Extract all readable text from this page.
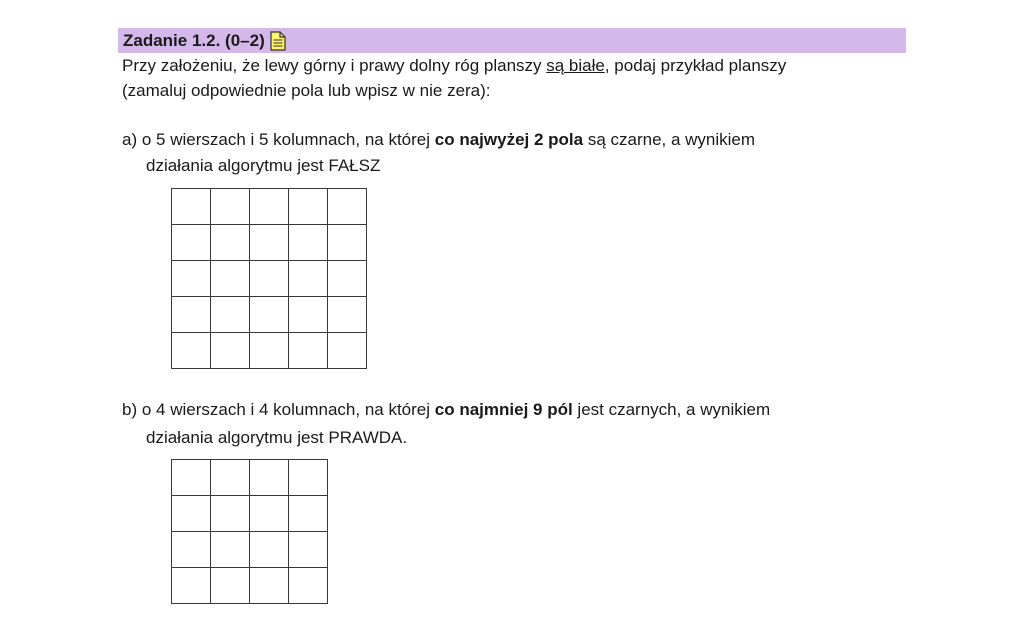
Zadanie 1.2. (0–2)
Przy założeniu, że lewy górny i prawy dolny róg planszy są białe, podaj przykład planszy
(zamaluj odpowiednie pola lub wpisz w nie zera):
a) o 5 wierszach i 5 kolumnach, na której co najwyżej 2 pola są czarne, a wynikiem
działania algorytmu jest FAŁSZ

b) o 4 wierszach i 4 kolumnach, na której co najmniej 9 pól jest czarnych, a wynikiem
działania algorytmu jest PRAWDA.
